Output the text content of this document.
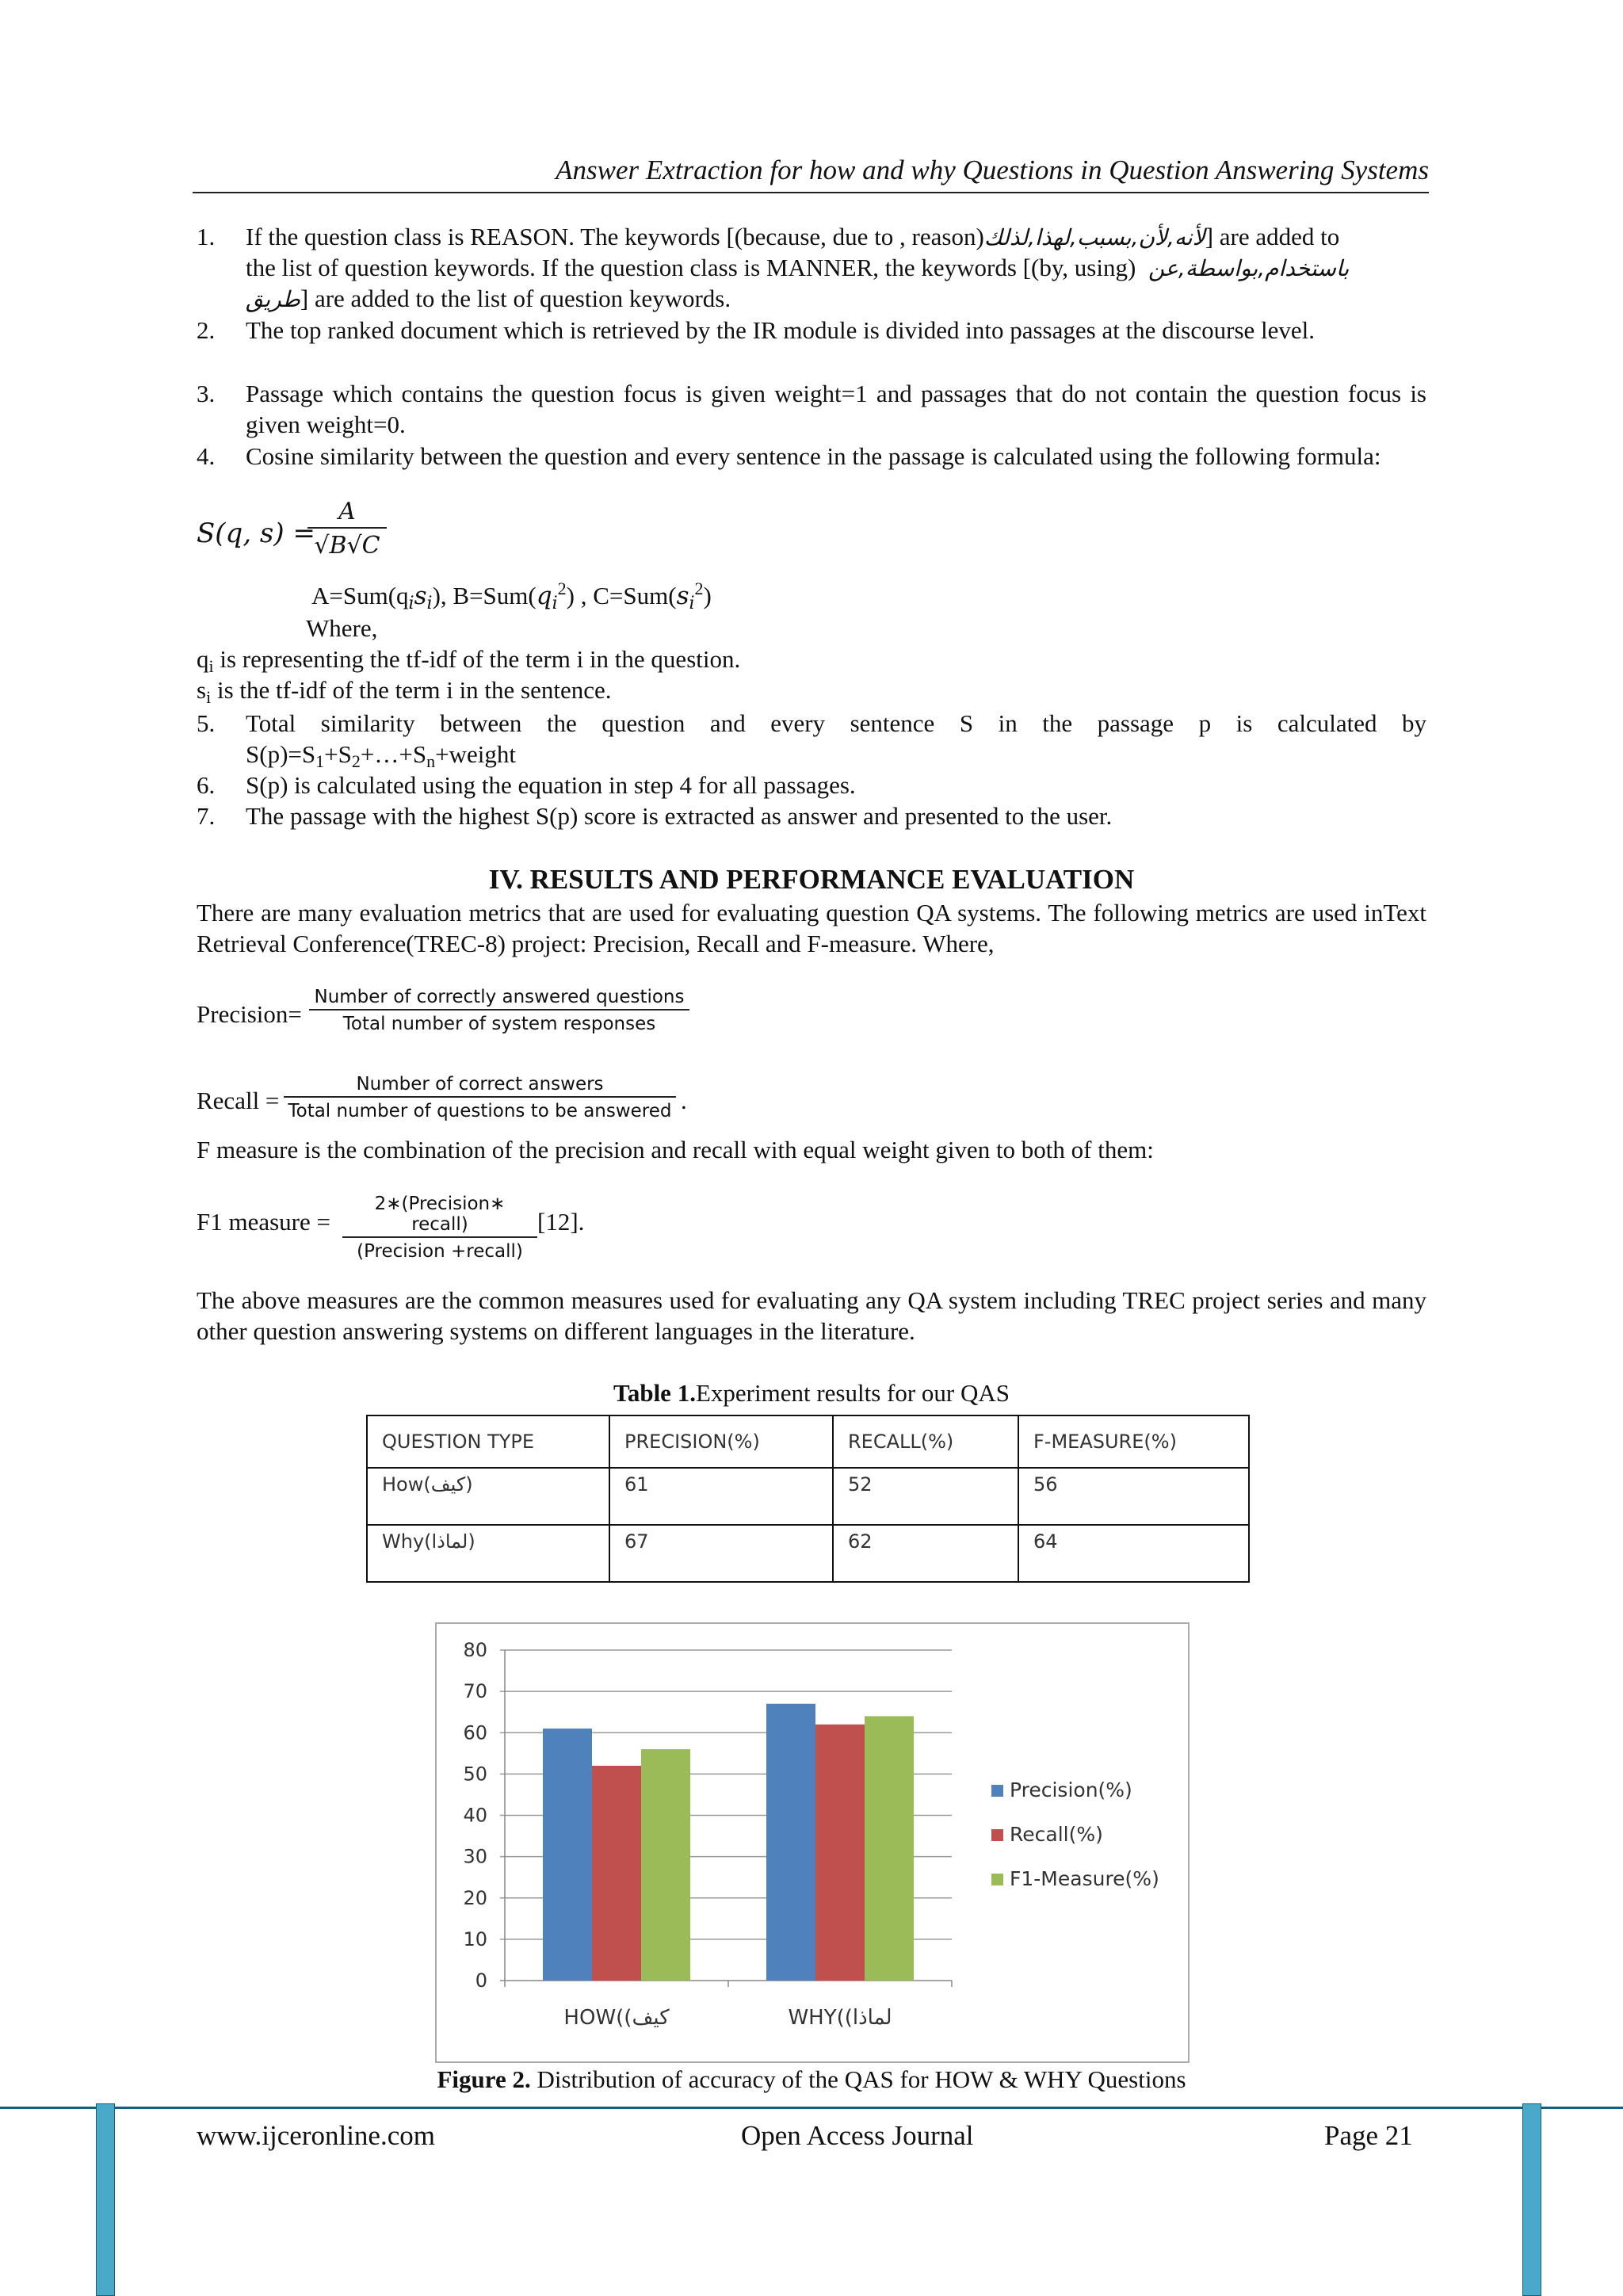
Answer Extraction for how and why Questions in Question Answering Systems
1. If the question class is REASON. The keywords [(because, due to , reason)لأنه,لأن,بسبب,لهذا,لذلك] are added to
the list of question keywords. If the question class is MANNER, the keywords [(by, using) باستخدام,بواسطة,عن
طريق] are added to the list of question keywords.
2. The top ranked document which is retrieved by the IR module is divided into passages at the discourse level.
3. Passage which contains the question focus is given weight=1 and passages that do not contain the question focus is given weight=0.
4. Cosine similarity between the question and every sentence in the passage is calculated using the following formula:
S(q, s) =
$\frac{A}{√B√C}$
$A=Sum(q_is_i)$, $B=Sum(q_i^2)$ , $C=Sum(s_i^2)$
Where,
$q_i$ is representing the tf-idf of the term i in the question.
$s_i$ is the tf-idf of the term i in the sentence.
5. Total similarity between the question and every sentence S in the passage p is calculated by
$S(p)=S_1+S_2+\dots+S_n+weight$
6. S(p) is calculated using the equation in step 4 for all passages.
7. The passage with the highest S(p) score is extracted as answer and presented to the user.
IV. RESULTS AND PERFORMANCE EVALUATION
There are many evaluation metrics that are used for evaluating question QA systems. The following metrics are used inText Retrieval Conference(TREC-8) project: Precision, Recall and F-measure. Where,
Precision=
Number of correctly answered questions
Total number of system responses
Recall =
Number of correct answers
Total number of questions to be answered .
F measure is the combination of the precision and recall with equal weight given to both of them:
F1 measure =
2∗(Precision∗ recall)
(Precision +recall)
[12].
The above measures are the common measures used for evaluating any QA system including TREC project series and many other question answering systems on different languages in the literature.
Table 1.Experiment results for our QAS
QUESTION TYPE	PRECISION(%)	RECALL(%)	F-MEASURE(%)
How(كيف)	61	52	56
Why(لماذا)	67	62	64
0
10
20
30
40
50
60
70
80
HOW((كيف	WHY((لماذا
Precision(%)
Recall(%)
F1-Measure(%)
Figure 2. Distribution of accuracy of the QAS for HOW & WHY Questions
www.ijceronline.com	Open Access Journal	Page 21
